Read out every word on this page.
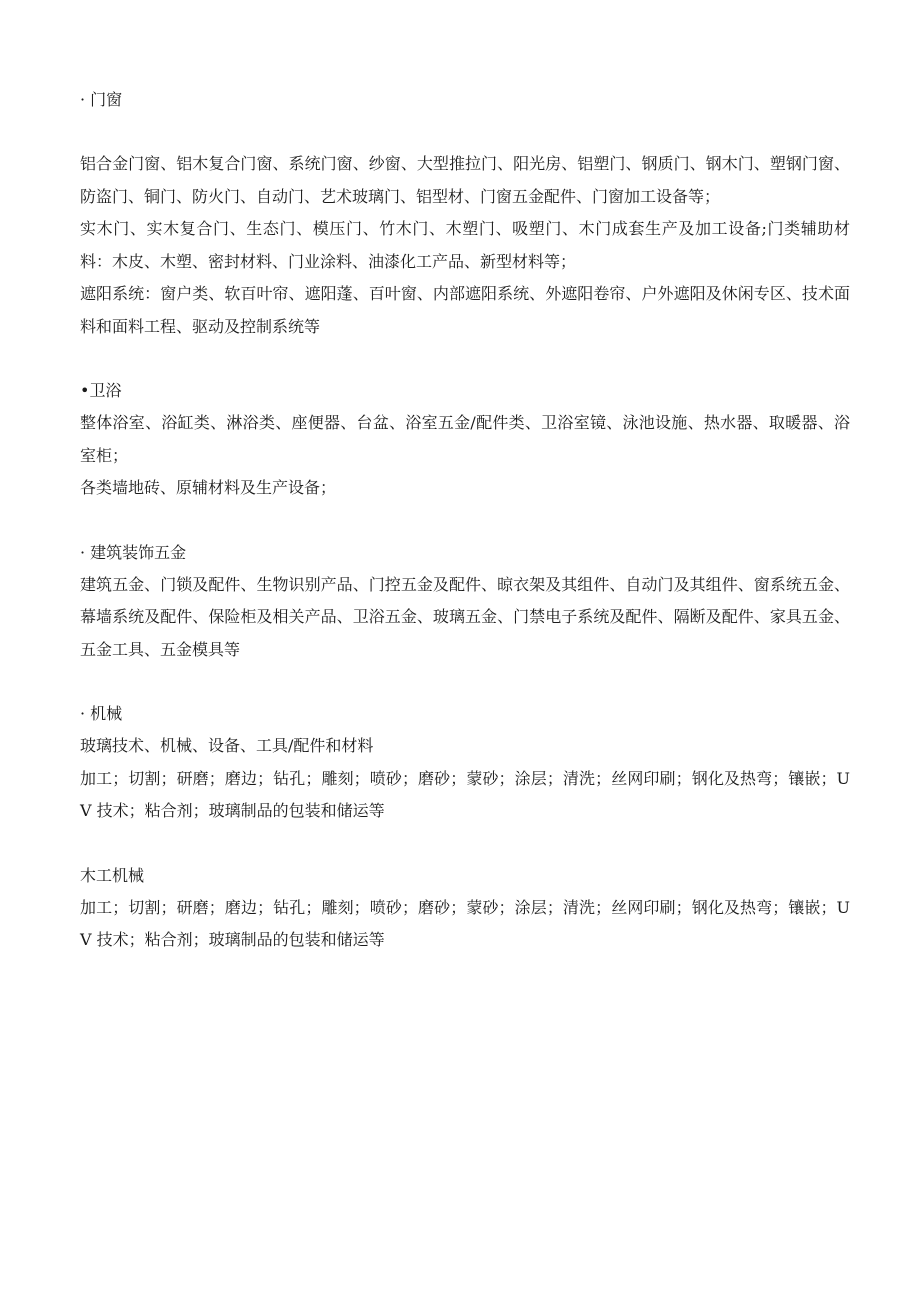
· 门窗

铝合金门窗、铝木复合门窗、系统门窗、纱窗、大型推拉门、阳光房、铝塑门、钢质门、钢木门、塑钢门窗、防盗门、铜门、防火门、自动门、艺术玻璃门、铝型材、门窗五金配件、门窗加工设备等；

实木门、实木复合门、生态门、模压门、竹木门、木塑门、吸塑门、木门成套生产及加工设备;门类辅助材料：木皮、木塑、密封材料、门业涂料、油漆化工产品、新型材料等；

遮阳系统：窗户类、软百叶帘、遮阳蓬、百叶窗、内部遮阳系统、外遮阳卷帘、户外遮阳及休闲专区、技术面料和面料工程、驱动及控制系统等

•卫浴

整体浴室、浴缸类、淋浴类、座便器、台盆、浴室五金/配件类、卫浴室镜、泳池设施、热水器、取暖器、浴室柜；

各类墙地砖、原辅材料及生产设备；

· 建筑装饰五金

建筑五金、门锁及配件、生物识别产品、门控五金及配件、晾衣架及其组件、自动门及其组件、窗系统五金、幕墙系统及配件、保险柜及相关产品、卫浴五金、玻璃五金、门禁电子系统及配件、隔断及配件、家具五金、五金工具、五金模具等

· 机械

玻璃技术、机械、设备、工具/配件和材料

加工；切割；研磨；磨边；钻孔；雕刻；喷砂；磨砂；蒙砂；涂层；清洗；丝网印刷；钢化及热弯；镶嵌；UV 技术；粘合剂；玻璃制品的包装和储运等

木工机械

加工；切割；研磨；磨边；钻孔；雕刻；喷砂；磨砂；蒙砂；涂层；清洗；丝网印刷；钢化及热弯；镶嵌；UV 技术；粘合剂；玻璃制品的包装和储运等
